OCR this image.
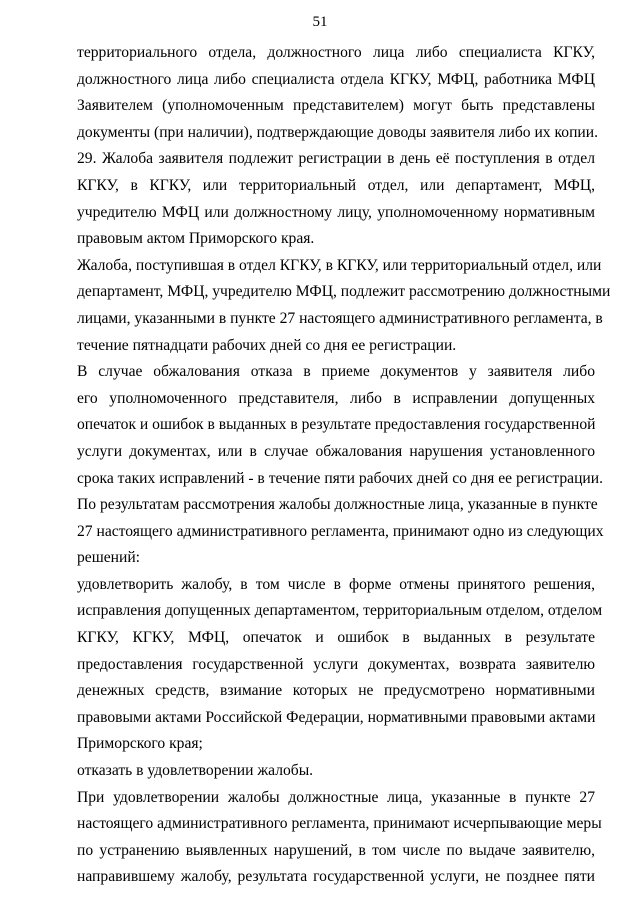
51
территориального отдела, должностного лица либо специалиста КГКУ,
должностного лица либо специалиста отдела КГКУ, МФЦ, работника МФЦ
Заявителем (уполномоченным представителем) могут быть представлены
документы (при наличии), подтверждающие доводы заявителя либо их копии.
29. Жалоба заявителя подлежит регистрации в день её поступления в отдел
КГКУ, в КГКУ, или территориальный отдел, или департамент, МФЦ,
учредителю МФЦ или должностному лицу, уполномоченному нормативным
правовым актом Приморского края.
Жалоба, поступившая в отдел КГКУ, в КГКУ, или территориальный отдел, или
департамент, МФЦ, учредителю МФЦ, подлежит рассмотрению должностными
лицами, указанными в пункте 27 настоящего административного регламента, в
течение пятнадцати рабочих дней со дня ее регистрации.
В случае обжалования отказа в приеме документов у заявителя либо
его уполномоченного представителя, либо в исправлении допущенных
опечаток и ошибок в выданных в результате предоставления государственной
услуги документах, или в случае обжалования нарушения установленного
срока таких исправлений - в течение пяти рабочих дней со дня ее регистрации.
По результатам рассмотрения жалобы должностные лица, указанные в пункте
27 настоящего административного регламента, принимают одно из следующих
решений:
удовлетворить жалобу, в том числе в форме отмены принятого решения,
исправления допущенных департаментом, территориальным отделом, отделом
КГКУ, КГКУ, МФЦ, опечаток и ошибок в выданных в результате
предоставления государственной услуги документах, возврата заявителю
денежных средств, взимание которых не предусмотрено нормативными
правовыми актами Российской Федерации, нормативными правовыми актами
Приморского края;
отказать в удовлетворении жалобы.
При удовлетворении жалобы должностные лица, указанные в пункте 27
настоящего административного регламента, принимают исчерпывающие меры
по устранению выявленных нарушений, в том числе по выдаче заявителю,
направившему жалобу, результата государственной услуги, не позднее пяти
